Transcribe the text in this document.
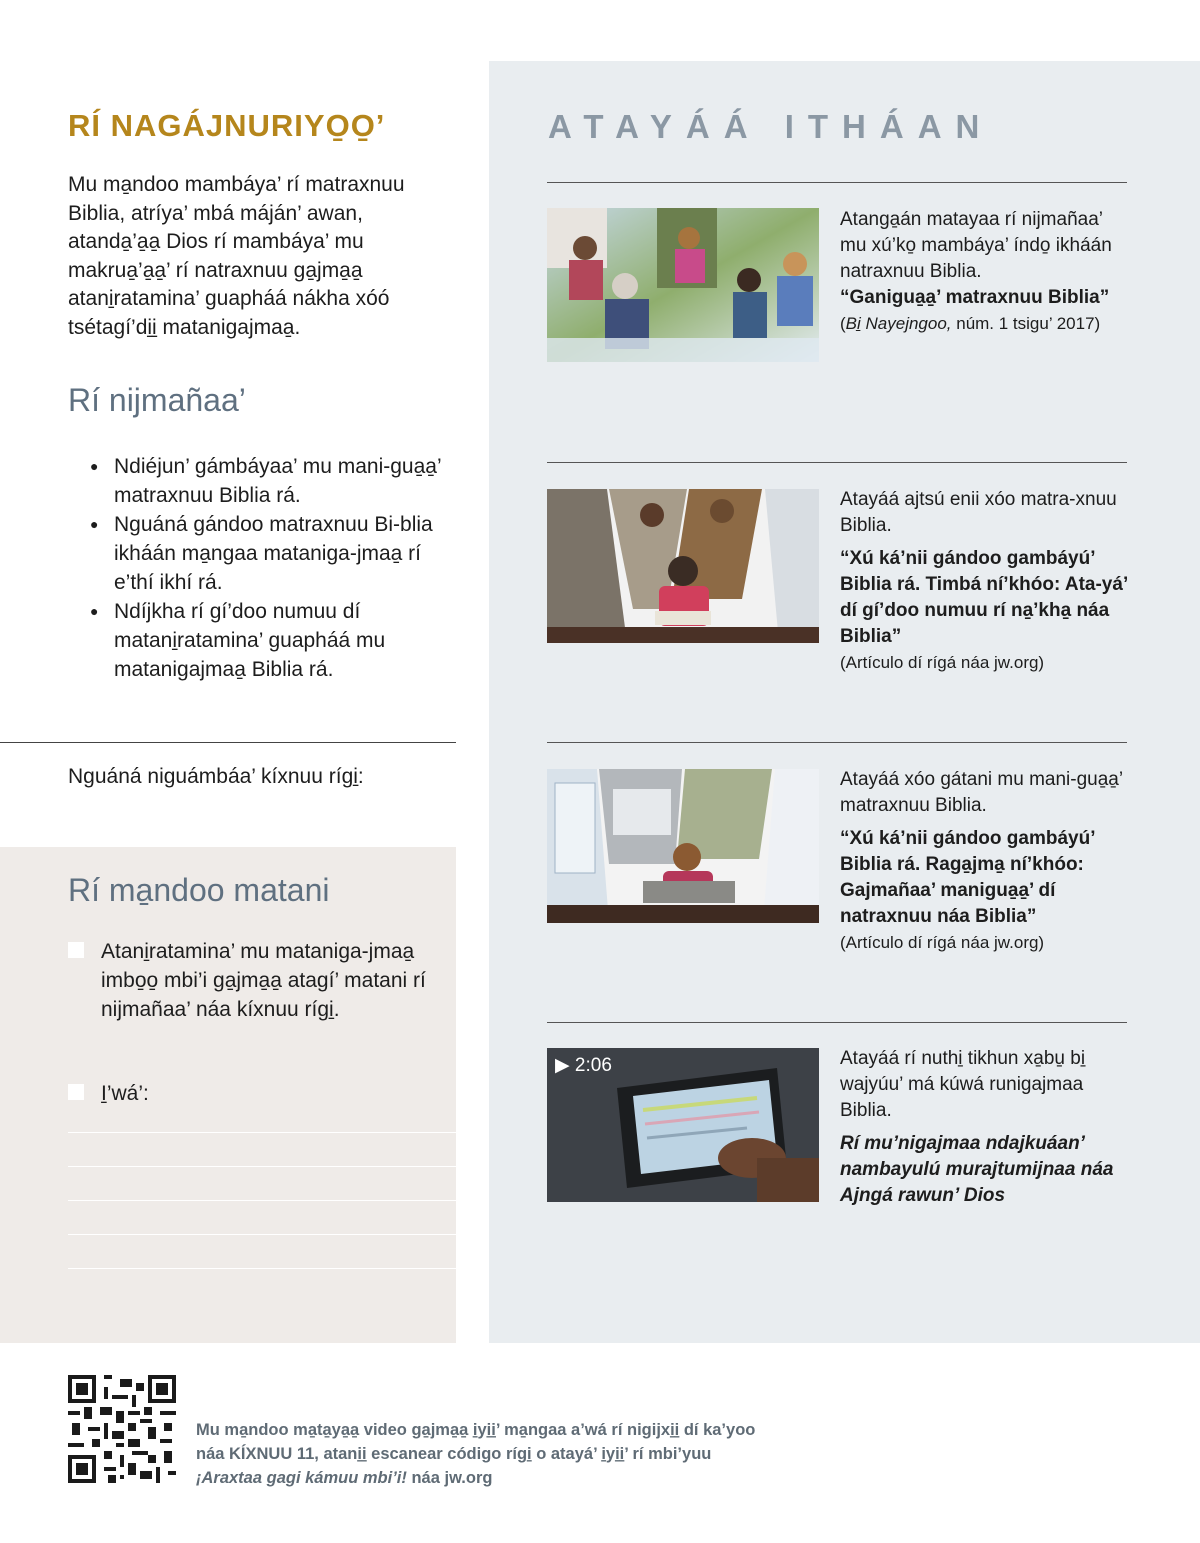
RÍ NAGÁJNURIYO̱O̱’
Mu ma̱ndoo mambáya’ rí matraxnuu Biblia, atríya’ mbá máján’ awan, atanda̱’a̱a̱ Dios rí mambáya’ mu makrua̱’a̱a̱’ rí natraxnuu ga̱jma̱a̱ atani̱ratamina’ guapháá nákha xóó tsétagí’di̱i̱ matanigajmaa̱.
Rí nijmañaa’
● Ndiéjun’ gámbáyaa’ mu mani-gua̱a̱’ matraxnuu Biblia rá.
● Nguáná gándoo matraxnuu Bi-blia ikháán ma̱ngaa mataniga-jmaa̱ rí e’thí ikhí rá.
● Ndíjkha rí gí’doo numuu dí matani̱ratamina’ guapháá mu matanigajmaa̱ Biblia rá.
Nguáná niguámbáa’ kíxnuu rígi̱:
Rí ma̱ndoo matani
Atani̱ratamina’ mu mataniga-jmaa̱ imbo̱o̱ mbi’i ga̱jma̱a̱ atagí’ matani rí nijmañaa’ náa kíxnuu rígi̱.
I̱’wá’:
ATAYÁÁ ITHÁAN
Atanga̱án matayaa rí nijmañaa’ mu xú’ko̱ mambáya’ índo̱ ikháán natraxnuu Biblia.
“Ganigua̱a̱’ matraxnuu Biblia”
(Bi̱ Nayejngoo, núm. 1 tsigu’ 2017)
Atayáá ajtsú enii xóo matra-xnuu Biblia.
“Xú ká’nii gándoo gambáyú’ Biblia rá. Timbá ní’khóo: Ata-yá’ dí gí’doo numuu rí na̱’kha̱ náa Biblia”
(Artículo dí rígá náa jw.org)
Atayáá xóo gátani mu mani-gua̱a̱’ matraxnuu Biblia.
“Xú ká’nii gándoo gambáyú’ Biblia rá. Raga̱jma̱ ní’khóo: Gajmañaa’ manigua̱a̱’ dí natraxnuu náa Biblia”
(Artículo dí rígá náa jw.org)
▶ 2:06	Atayáá rí nuthi̱ tikhun xa̱bu̱ bi̱ wajyúu’ má kúwá runigajmaa Biblia.
Rí mu’nigajmaa ndajkuáan’ nambayulú murajtumijnaa náa Ajngá rawun’ Dios
Mu ma̱ndoo ma̱ta̱ya̱a̱ video ga̱jma̱a̱ i̱yi̱i̱’ ma̱ngaa a’wá rí nigijxi̱i̱ dí ka’yoo náa KÍXNUU 11, atani̱i̱ escanear código rígi̱ o atayá’ i̱yi̱i̱’ rí mbi’yuu ¡Araxtaa gagi kámuu mbi’i! náa jw.org
